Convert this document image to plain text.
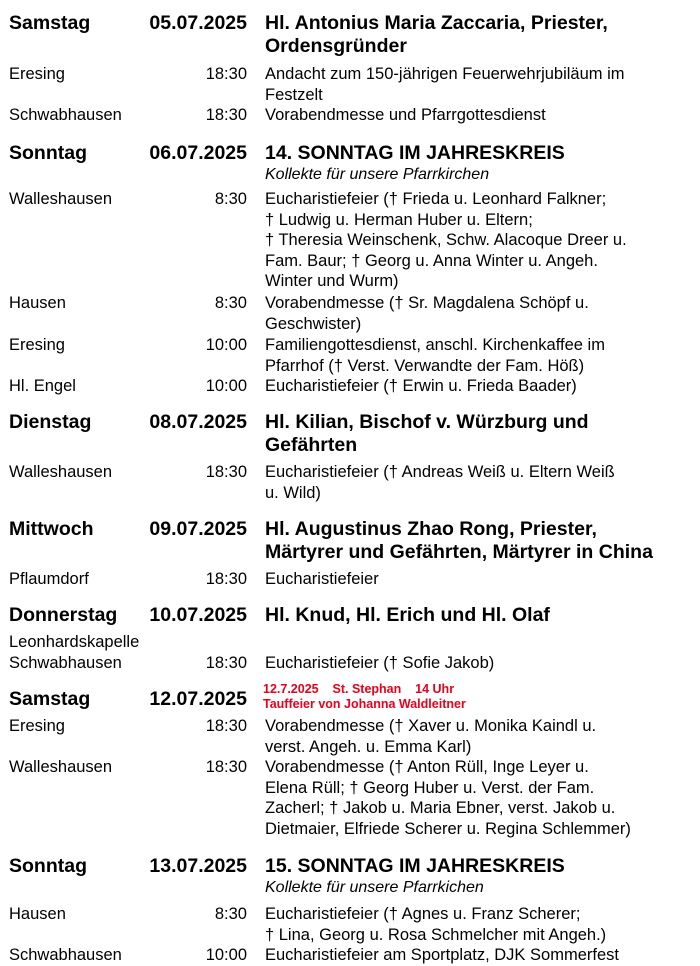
Samstag	05.07.2025 Hl. Antonius Maria Zaccaria, Priester,
Ordensgründer
Eresing	18:30 Andacht zum 150-jährigen Feuerwehrjubiläum im
Festzelt
Schwabhausen	18:30 Vorabendmesse und Pfarrgottesdienst
Sonntag	06.07.2025 14. SONNTAG IM JAHRESKREIS
Kollekte für unsere Pfarrkirchen
Walleshausen	8:30 Eucharistiefeier († Frieda u. Leonhard Falkner;
† Ludwig u. Herman Huber u. Eltern;
† Theresia Weinschenk, Schw. Alacoque Dreer u.
Fam. Baur; † Georg u. Anna Winter u. Angeh.
Winter und Wurm)
Hausen	8:30 Vorabendmesse († Sr. Magdalena Schöpf u.
Geschwister)
Eresing	10:00 Familiengottesdienst, anschl. Kirchenkaffee im
Pfarrhof († Verst. Verwandte der Fam. Höß)
Hl. Engel	10:00 Eucharistiefeier († Erwin u. Frieda Baader)
Dienstag	08.07.2025 Hl. Kilian, Bischof v. Würzburg und
Gefährten
Walleshausen	18:30 Eucharistiefeier († Andreas Weiß u. Eltern Weiß
u. Wild)
Mittwoch	09.07.2025 Hl. Augustinus Zhao Rong, Priester,
Märtyrer und Gefährten, Märtyrer in China
Pflaumdorf	18:30 Eucharistiefeier
Donnerstag 10.07.2025 Hl. Knud, Hl. Erich und Hl. Olaf
Leonhardskapelle
Schwabhausen	18:30 Eucharistiefeier († Sofie Jakob)
Samstag	12.07.2025 12.7.2025    St. Stephan    14 Uhr
Tauffeier von Johanna Waldleitner
Eresing	18:30 Vorabendmesse († Xaver u. Monika Kaindl u.
verst. Angeh. u. Emma Karl)
Walleshausen	18:30 Vorabendmesse († Anton Rüll, Inge Leyer u.
Elena Rüll; † Georg Huber u. Verst. der Fam.
Zacherl; † Jakob u. Maria Ebner, verst. Jakob u.
Dietmaier, Elfriede Scherer u. Regina Schlemmer)
Sonntag	13.07.2025 15. SONNTAG IM JAHRESKREIS
Kollekte für unsere Pfarrkichen
Hausen	8:30 Eucharistiefeier († Agnes u. Franz Scherer;
† Lina, Georg u. Rosa Schmelcher mit Angeh.)
Schwabhausen	10:00 Eucharistiefeier am Sportplatz, DJK Sommerfest
